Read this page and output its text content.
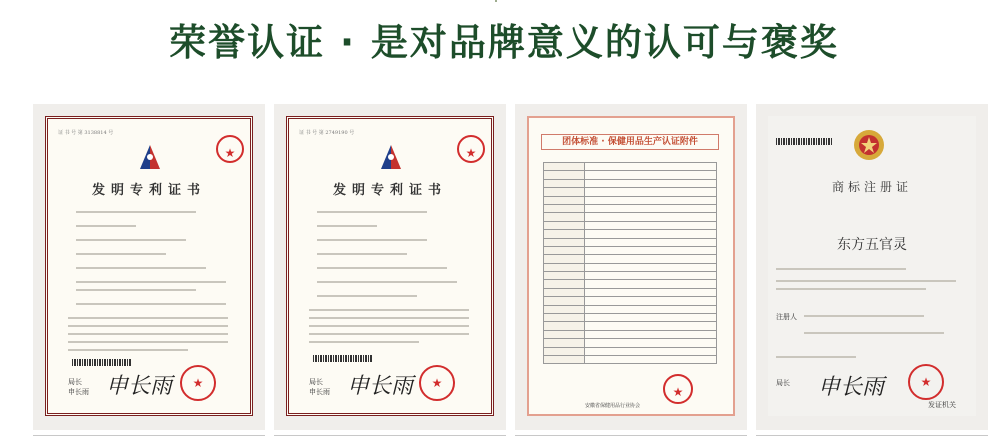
荣誉认证 · 是对品牌意义的认可与褒奖
证 书 号 第 3138814 号
★
发明专利证书
局长
申长雨 申长雨
★
证 书 号 第 2749190 号
★
发明专利证书
局长
申长雨 申长雨
★
团体标准 · 保健用品生产认证附件

★
安徽省保健用品行业协会
商标注册证
东方五官灵
注册人
局长 申长雨
★
发证机关
